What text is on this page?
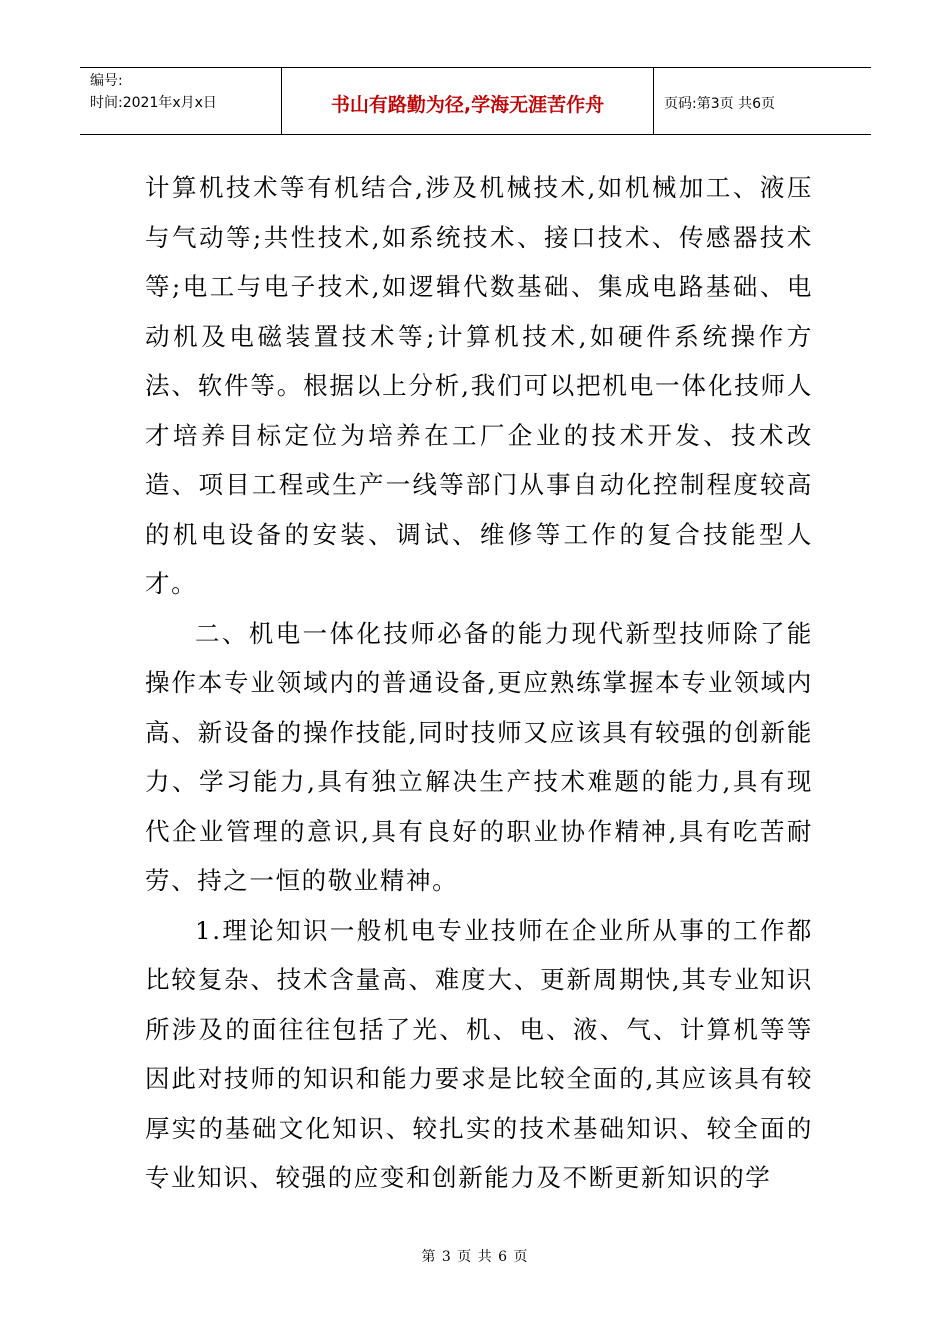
编号:
时间:2021年x月x日	书山有路勤为径,学海无涯苦作舟	页码:第3页 共6页

计算机技术等有机结合,涉及机械技术,如机械加工、液压与气动等;共性技术,如系统技术、接口技术、传感器技术等;电工与电子技术,如逻辑代数基础、集成电路基础、电动机及电磁装置技术等;计算机技术,如硬件系统操作方法、软件等。根据以上分析,我们可以把机电一体化技师人才培养目标定位为培养在工厂企业的技术开发、技术改造、项目工程或生产一线等部门从事自动化控制程度较高的机电设备的安装、调试、维修等工作的复合技能型人才。

二、机电一体化技师必备的能力现代新型技师除了能操作本专业领域内的普通设备,更应熟练掌握本专业领域内高、新设备的操作技能,同时技师又应该具有较强的创新能力、学习能力,具有独立解决生产技术难题的能力,具有现代企业管理的意识,具有良好的职业协作精神,具有吃苦耐劳、持之一恒的敬业精神。

1.理论知识一般机电专业技师在企业所从事的工作都比较复杂、技术含量高、难度大、更新周期快,其专业知识所涉及的面往往包括了光、机、电、液、气、计算机等等因此对技师的知识和能力要求是比较全面的,其应该具有较厚实的基础文化知识、较扎实的技术基础知识、较全面的专业知识、较强的应变和创新能力及不断更新知识的学

第 3 页 共 6 页
